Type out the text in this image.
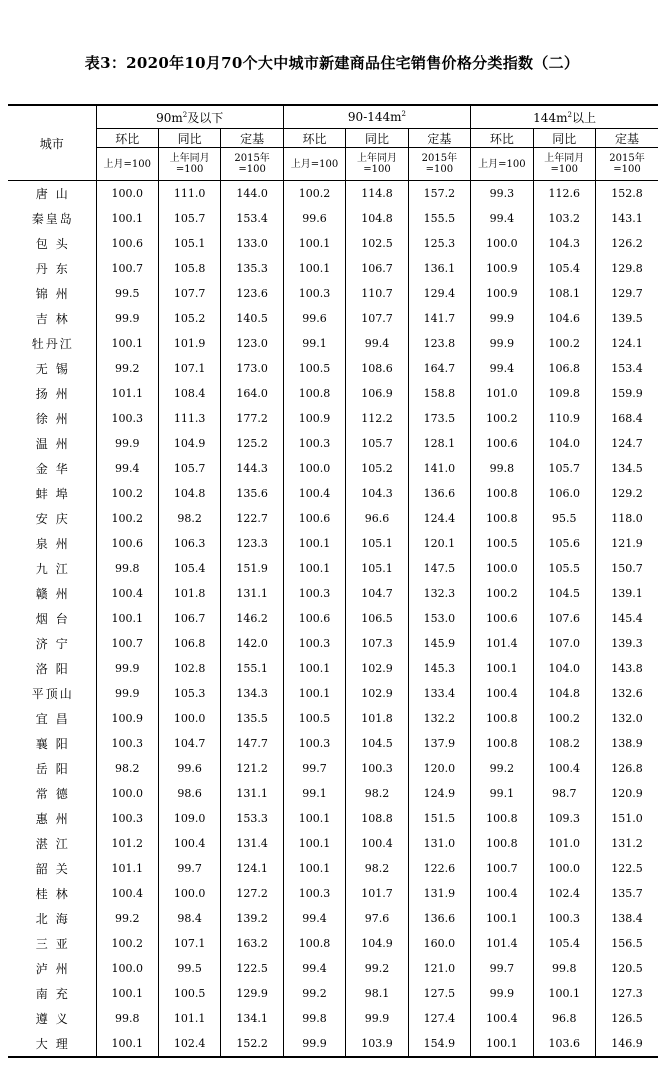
表3：2020年10月70个大中城市新建商品住宅销售价格分类指数（二）
城市	$90m^2$及以下			$90-144m^2$			$144m^2$以上		
	环比	同比	定基	环比	同比	定基	环比	同比	定基
	上月=100	上年同月=100	2015年=100	上月=100	上年同月=100	2015年=100	上月=100	上年同月=100	2015年=100
唐山	100.0	111.0	144.0	100.2	114.8	157.2	99.3	112.6	152.8
秦皇岛	100.1	105.7	153.4	99.6	104.8	155.5	99.4	103.2	143.1
包头	100.6	105.1	133.0	100.1	102.5	125.3	100.0	104.3	126.2
丹东	100.7	105.8	135.3	100.1	106.7	136.1	100.9	105.4	129.8
锦州	99.5	107.7	123.6	100.3	110.7	129.4	100.9	108.1	129.7
吉林	99.9	105.2	140.5	99.6	107.7	141.7	99.9	104.6	139.5
牡丹江	100.1	101.9	123.0	99.1	99.4	123.8	99.9	100.2	124.1
无锡	99.2	107.1	173.0	100.5	108.6	164.7	99.4	106.8	153.4
扬州	101.1	108.4	164.0	100.8	106.9	158.8	101.0	109.8	159.9
徐州	100.3	111.3	177.2	100.9	112.2	173.5	100.2	110.9	168.4
温州	99.9	104.9	125.2	100.3	105.7	128.1	100.6	104.0	124.7
金华	99.4	105.7	144.3	100.0	105.2	141.0	99.8	105.7	134.5
蚌埠	100.2	104.8	135.6	100.4	104.3	136.6	100.8	106.0	129.2
安庆	100.2	98.2	122.7	100.6	96.6	124.4	100.8	95.5	118.0
泉州	100.6	106.3	123.3	100.1	105.1	120.1	100.5	105.6	121.9
九江	99.8	105.4	151.9	100.1	105.1	147.5	100.0	105.5	150.7
赣州	100.4	101.8	131.1	100.3	104.7	132.3	100.2	104.5	139.1
烟台	100.1	106.7	146.2	100.6	106.5	153.0	100.6	107.6	145.4
济宁	100.7	106.8	142.0	100.3	107.3	145.9	101.4	107.0	139.3
洛阳	99.9	102.8	155.1	100.1	102.9	145.3	100.1	104.0	143.8
平顶山	99.9	105.3	134.3	100.1	102.9	133.4	100.4	104.8	132.6
宜昌	100.9	100.0	135.5	100.5	101.8	132.2	100.8	100.2	132.0
襄阳	100.3	104.7	147.7	100.3	104.5	137.9	100.8	108.2	138.9
岳阳	98.2	99.6	121.2	99.7	100.3	120.0	99.2	100.4	126.8
常德	100.0	98.6	131.1	99.1	98.2	124.9	99.1	98.7	120.9
惠州	100.3	109.0	153.3	100.1	108.8	151.5	100.8	109.3	151.0
湛江	101.2	100.4	131.4	100.1	100.4	131.0	100.8	101.0	131.2
韶关	101.1	99.7	124.1	100.1	98.2	122.6	100.7	100.0	122.5
桂林	100.4	100.0	127.2	100.3	101.7	131.9	100.4	102.4	135.7
北海	99.2	98.4	139.2	99.4	97.6	136.6	100.1	100.3	138.4
三亚	100.2	107.1	163.2	100.8	104.9	160.0	101.4	105.4	156.5
泸州	100.0	99.5	122.5	99.4	99.2	121.0	99.7	99.8	120.5
南充	100.1	100.5	129.9	99.2	98.1	127.5	99.9	100.1	127.3
遵义	99.8	101.1	134.1	99.8	99.9	127.4	100.4	96.8	126.5
大理	100.1	102.4	152.2	99.9	103.9	154.9	100.1	103.6	146.9
